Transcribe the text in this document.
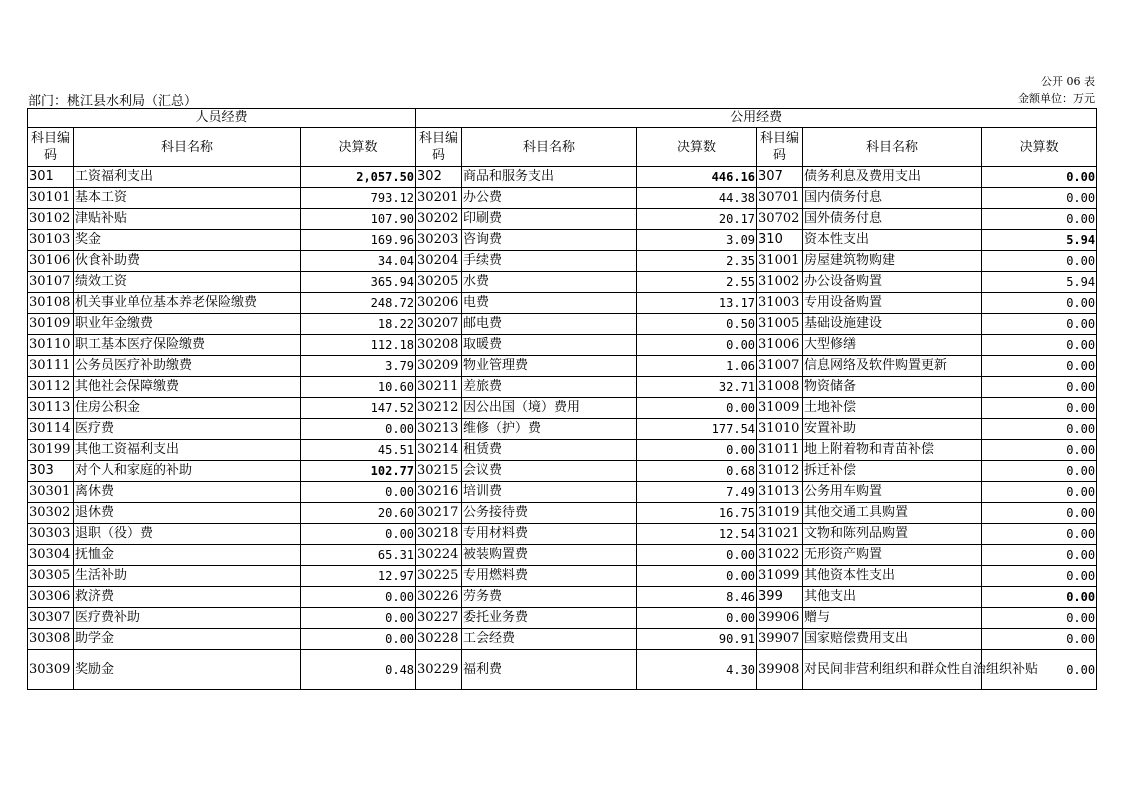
公开 06 表
部门：桃江县水利局（汇总）	金额单位：万元
人员经费			公用经费					
科目编码	科目名称	决算数	科目编码	科目名称	决算数	科目编码	科目名称	决算数
301	工资福利支出	2,057.50	302	商品和服务支出	446.16	307	债务利息及费用支出	0.00
30101	基本工资	793.12	30201	办公费	44.38	30701	国内债务付息	0.00
30102	津贴补贴	107.90	30202	印刷费	20.17	30702	国外债务付息	0.00
30103	奖金	169.96	30203	咨询费	3.09	310	资本性支出	5.94
30106	伙食补助费	34.04	30204	手续费	2.35	31001	房屋建筑物购建	0.00
30107	绩效工资	365.94	30205	水费	2.55	31002	办公设备购置	5.94
30108	机关事业单位基本养老保险缴费	248.72	30206	电费	13.17	31003	专用设备购置	0.00
30109	职业年金缴费	18.22	30207	邮电费	0.50	31005	基础设施建设	0.00
30110	职工基本医疗保险缴费	112.18	30208	取暖费	0.00	31006	大型修缮	0.00
30111	公务员医疗补助缴费	3.79	30209	物业管理费	1.06	31007	信息网络及软件购置更新	0.00
30112	其他社会保障缴费	10.60	30211	差旅费	32.71	31008	物资储备	0.00
30113	住房公积金	147.52	30212	因公出国（境）费用	0.00	31009	土地补偿	0.00
30114	医疗费	0.00	30213	维修（护）费	177.54	31010	安置补助	0.00
30199	其他工资福利支出	45.51	30214	租赁费	0.00	31011	地上附着物和青苗补偿	0.00
303	对个人和家庭的补助	102.77	30215	会议费	0.68	31012	拆迁补偿	0.00
30301	离休费	0.00	30216	培训费	7.49	31013	公务用车购置	0.00
30302	退休费	20.60	30217	公务接待费	16.75	31019	其他交通工具购置	0.00
30303	退职（役）费	0.00	30218	专用材料费	12.54	31021	文物和陈列品购置	0.00
30304	抚恤金	65.31	30224	被装购置费	0.00	31022	无形资产购置	0.00
30305	生活补助	12.97	30225	专用燃料费	0.00	31099	其他资本性支出	0.00
30306	救济费	0.00	30226	劳务费	8.46	399	其他支出	0.00
30307	医疗费补助	0.00	30227	委托业务费	0.00	39906	赠与	0.00
30308	助学金	0.00	30228	工会经费	90.91	39907	国家赔偿费用支出	0.00
30309	奖励金	0.48	30229	福利费	4.30	39908	对民间非营利组织和群众性自治组织补贴	0.00
